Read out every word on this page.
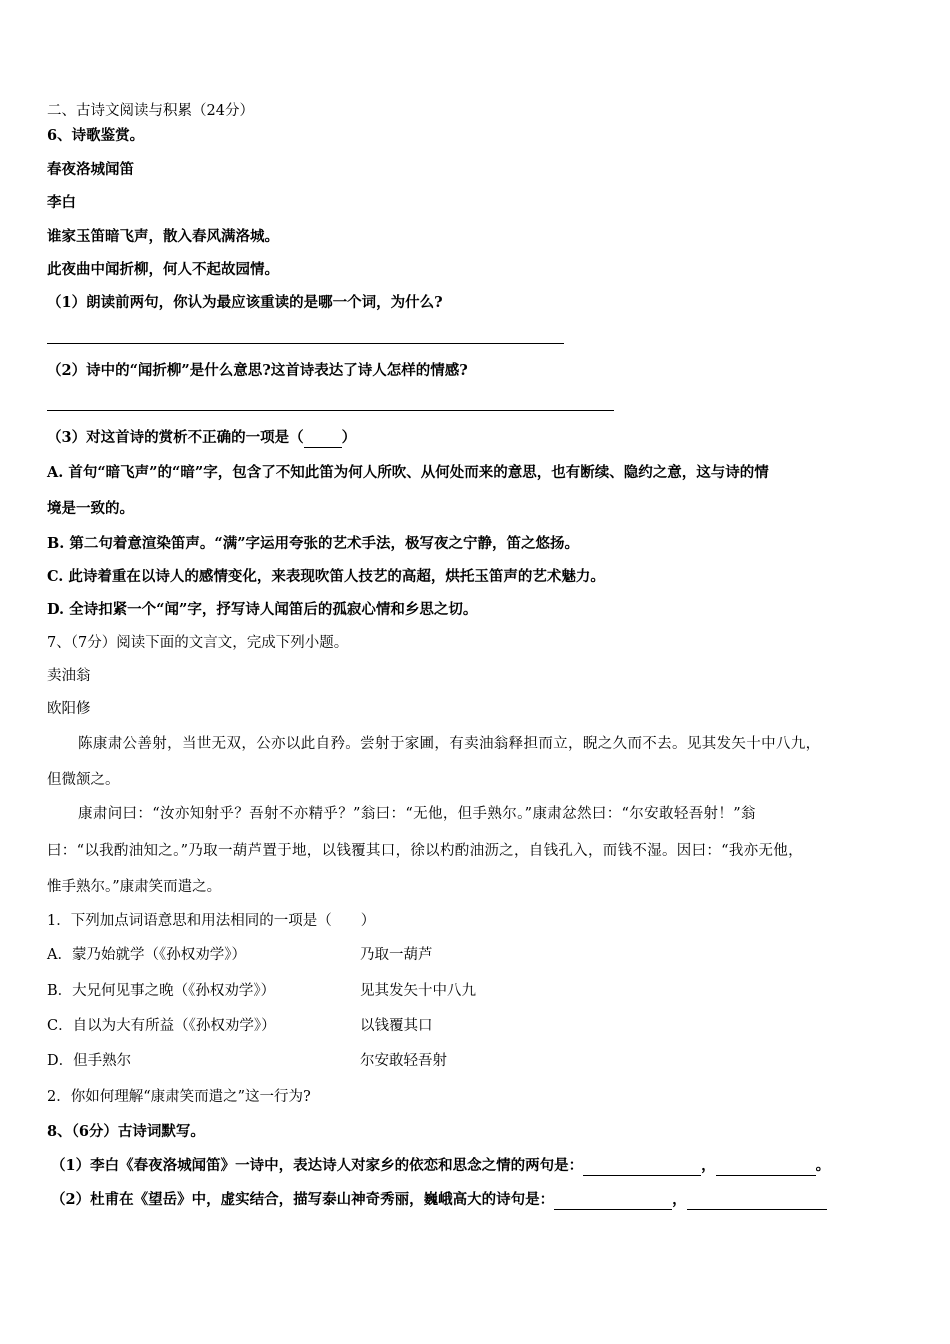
二、古诗文阅读与积累（24分）
6、诗歌鉴赏。
春夜洛城闻笛
李白
谁家玉笛暗飞声，散入春风满洛城。
此夜曲中闻折柳，何人不起故园情。
（1）朗读前两句，你认为最应该重读的是哪一个词，为什么?
（2）诗中的“闻折柳”是什么意思?这首诗表达了诗人怎样的情感?
（3）对这首诗的赏析不正确的一项是（	）
A. 首句“暗飞声”的“暗”字，包含了不知此笛为何人所吹、从何处而来的意思，也有断续、隐约之意，这与诗的情
境是一致的。
B. 第二句着意渲染笛声。“满”字运用夸张的艺术手法，极写夜之宁静，笛之悠扬。
C. 此诗着重在以诗人的感情变化，来表现吹笛人技艺的高超，烘托玉笛声的艺术魅力。
D. 全诗扣紧一个“闻”字，抒写诗人闻笛后的孤寂心情和乡思之切。
7、（7分）阅读下面的文言文，完成下列小题。
卖油翁
欧阳修
陈康肃公善射，当世无双，公亦以此自矜。尝射于家圃，有卖油翁释担而立，睨之久而不去。见其发矢十中八九，
但微颔之。
康肃问曰：“汝亦知射乎？吾射不亦精乎？”翁曰：“无他，但手熟尔。”康肃忿然曰：“尔安敢轻吾射！”翁
曰：“以我酌油知之。”乃取一葫芦置于地，以钱覆其口，徐以杓酌油沥之，自钱孔入，而钱不湿。因曰：“我亦无他，
惟手熟尔。”康肃笑而遣之。
1．下列加点词语意思和用法相同的一项是（　　）
A．蒙乃始就学（《孙权劝学》）	乃取一葫芦
B．大兄何见事之晚（《孙权劝学》）	见其发矢十中八九
C．自以为大有所益（《孙权劝学》）	以钱覆其口
D．但手熟尔	尔安敢轻吾射
2．你如何理解“康肃笑而遣之”这一行为?
8、（6分）古诗词默写。
（1）李白《春夜洛城闻笛》一诗中，表达诗人对家乡的依恋和思念之情的两句是：	，	。
（2）杜甫在《望岳》中，虚实结合，描写泰山神奇秀丽，巍峨高大的诗句是：	，
